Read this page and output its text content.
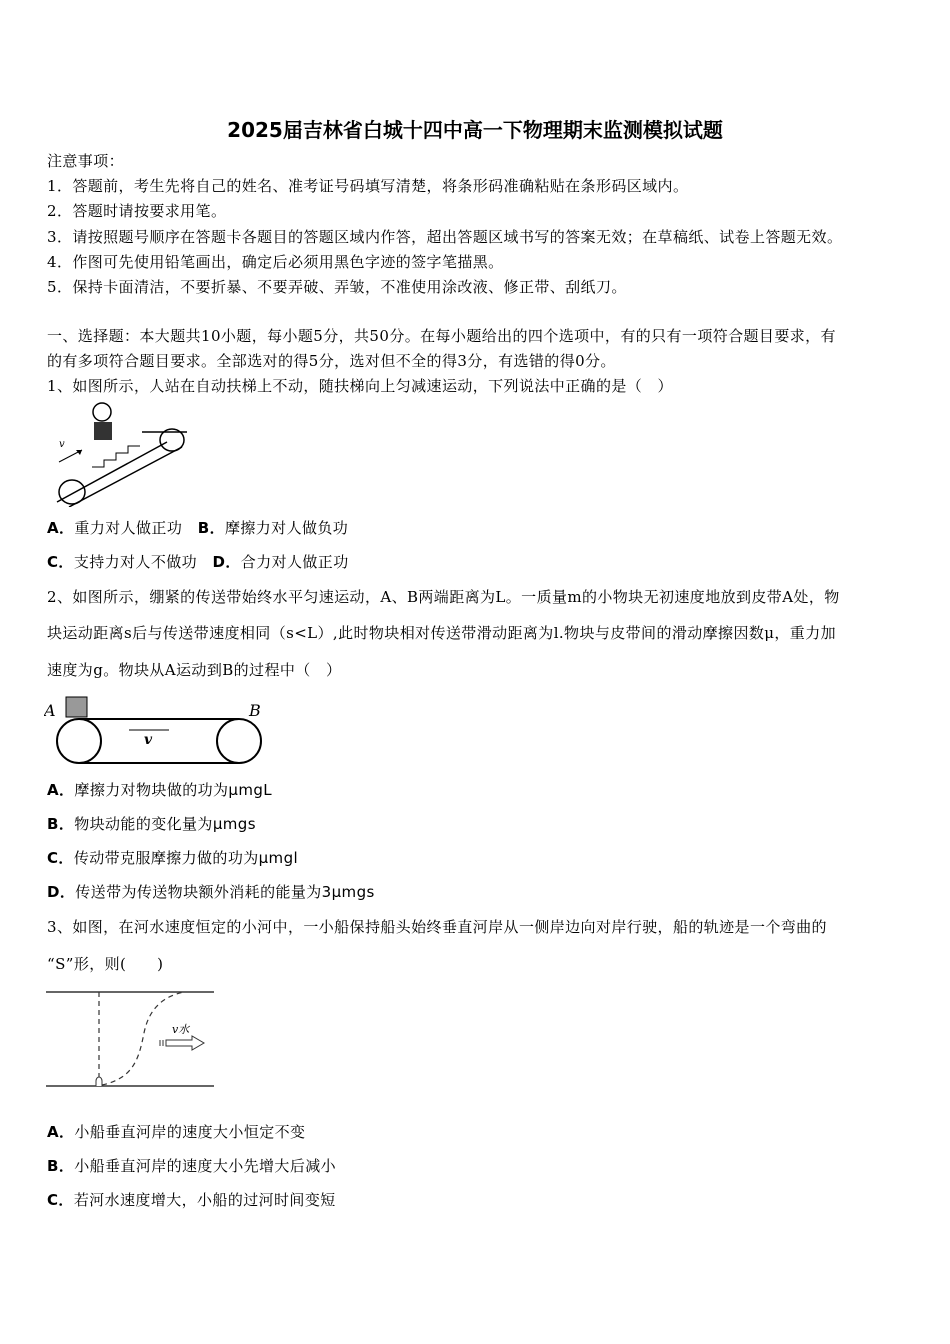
2025届吉林省白城十四中高一下物理期末监测模拟试题
注意事项：
1．答题前，考生先将自己的姓名、准考证号码填写清楚，将条形码准确粘贴在条形码区域内。
2．答题时请按要求用笔。
3．请按照题号顺序在答题卡各题目的答题区域内作答，超出答题区域书写的答案无效；在草稿纸、试卷上答题无效。
4．作图可先使用铅笔画出，确定后必须用黑色字迹的签字笔描黑。
5．保持卡面清洁，不要折暴、不要弄破、弄皱，不准使用涂改液、修正带、刮纸刀。
一、选择题：本大题共10小题，每小题5分，共50分。在每小题给出的四个选项中，有的只有一项符合题目要求，有
的有多项符合题目要求。全部选对的得5分，选对但不全的得3分，有选错的得0分。
1、如图所示，人站在自动扶梯上不动，随扶梯向上匀减速运动，下列说法中正确的是（　）
v
A．重力对人做正功 B．摩擦力对人做负功
C．支持力对人不做功 D．合力对人做正功
2、如图所示，绷紧的传送带始终水平匀速运动，A、B两端距离为L。一质量m的小物块无初速度地放到皮带A处，物
块运动距离s后与传送带速度相同（s<L）,此时物块相对传送带滑动距离为l.物块与皮带间的滑动摩擦因数μ，重力加
速度为g。物块从A运动到B的过程中（　）
A	B
v
A．摩擦力对物块做的功为μmgL
B．物块动能的变化量为μmgs
C．传动带克服摩擦力做的功为μmgl
D．传送带为传送物块额外消耗的能量为3μmgs
3、如图，在河水速度恒定的小河中，一小船保持船头始终垂直河岸从一侧岸边向对岸行驶，船的轨迹是一个弯曲的
“S”形，则(　　)
v水
A．小船垂直河岸的速度大小恒定不变
B．小船垂直河岸的速度大小先增大后减小
C．若河水速度增大，小船的过河时间变短
